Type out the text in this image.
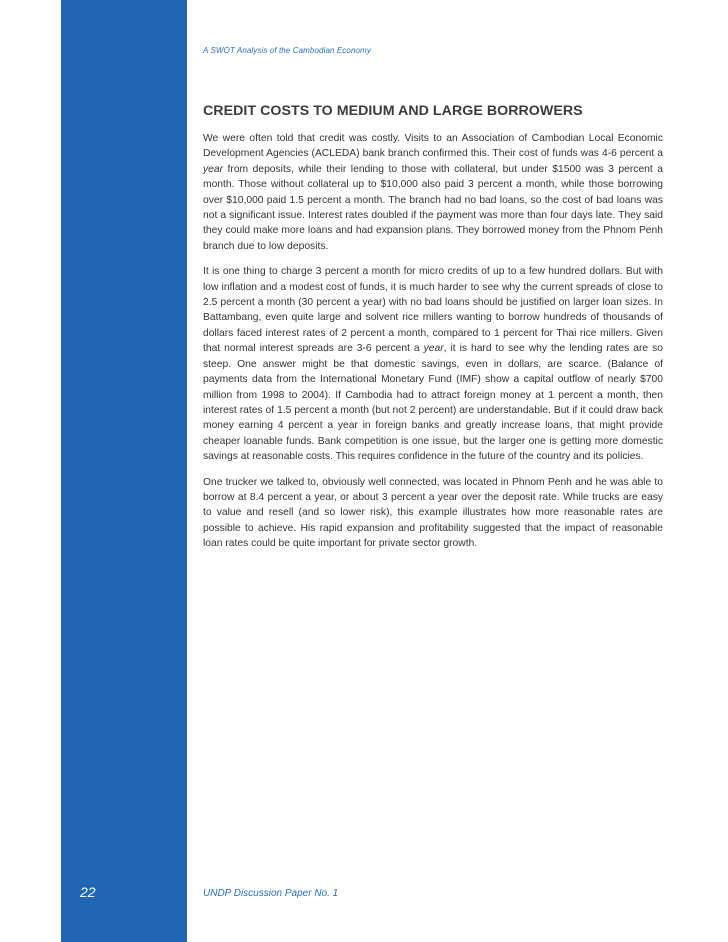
A SWOT Analysis of the Cambodian Economy
CREDIT COSTS TO MEDIUM AND LARGE BORROWERS

We were often told that credit was costly. Visits to an Association of Cambodian Local Economic Development Agencies (ACLEDA) bank branch confirmed this. Their cost of funds was 4-6 percent a year from deposits, while their lending to those with collateral, but under $1500 was 3 percent a month. Those without collateral up to $10,000 also paid 3 percent a month, while those borrowing over $10,000 paid 1.5 percent a month. The branch had no bad loans, so the cost of bad loans was not a significant issue. Interest rates doubled if the payment was more than four days late. They said they could make more loans and had expansion plans. They borrowed money from the Phnom Penh branch due to low deposits.

It is one thing to charge 3 percent a month for micro credits of up to a few hundred dollars. But with low inflation and a modest cost of funds, it is much harder to see why the current spreads of close to 2.5 percent a month (30 percent a year) with no bad loans should be justified on larger loan sizes. In Battambang, even quite large and solvent rice millers wanting to borrow hundreds of thousands of dollars faced interest rates of 2 percent a month, compared to 1 percent for Thai rice millers. Given that normal interest spreads are 3-6 percent a year, it is hard to see why the lending rates are so steep. One answer might be that domestic savings, even in dollars, are scarce. (Balance of payments data from the International Monetary Fund (IMF) show a capital outflow of nearly $700 million from 1998 to 2004). If Cambodia had to attract foreign money at 1 percent a month, then interest rates of 1.5 percent a month (but not 2 percent) are understandable. But if it could draw back money earning 4 percent a year in foreign banks and greatly increase loans, that might provide cheaper loanable funds. Bank competition is one issue, but the larger one is getting more domestic savings at reasonable costs. This requires confidence in the future of the country and its policies.

One trucker we talked to, obviously well connected, was located in Phnom Penh and he was able to borrow at 8.4 percent a year, or about 3 percent a year over the deposit rate. While trucks are easy to value and resell (and so lower risk), this example illustrates how more reasonable rates are possible to achieve. His rapid expansion and profitability suggested that the impact of reasonable loan rates could be quite important for private sector growth.

22	UNDP Discussion Paper No. 1
